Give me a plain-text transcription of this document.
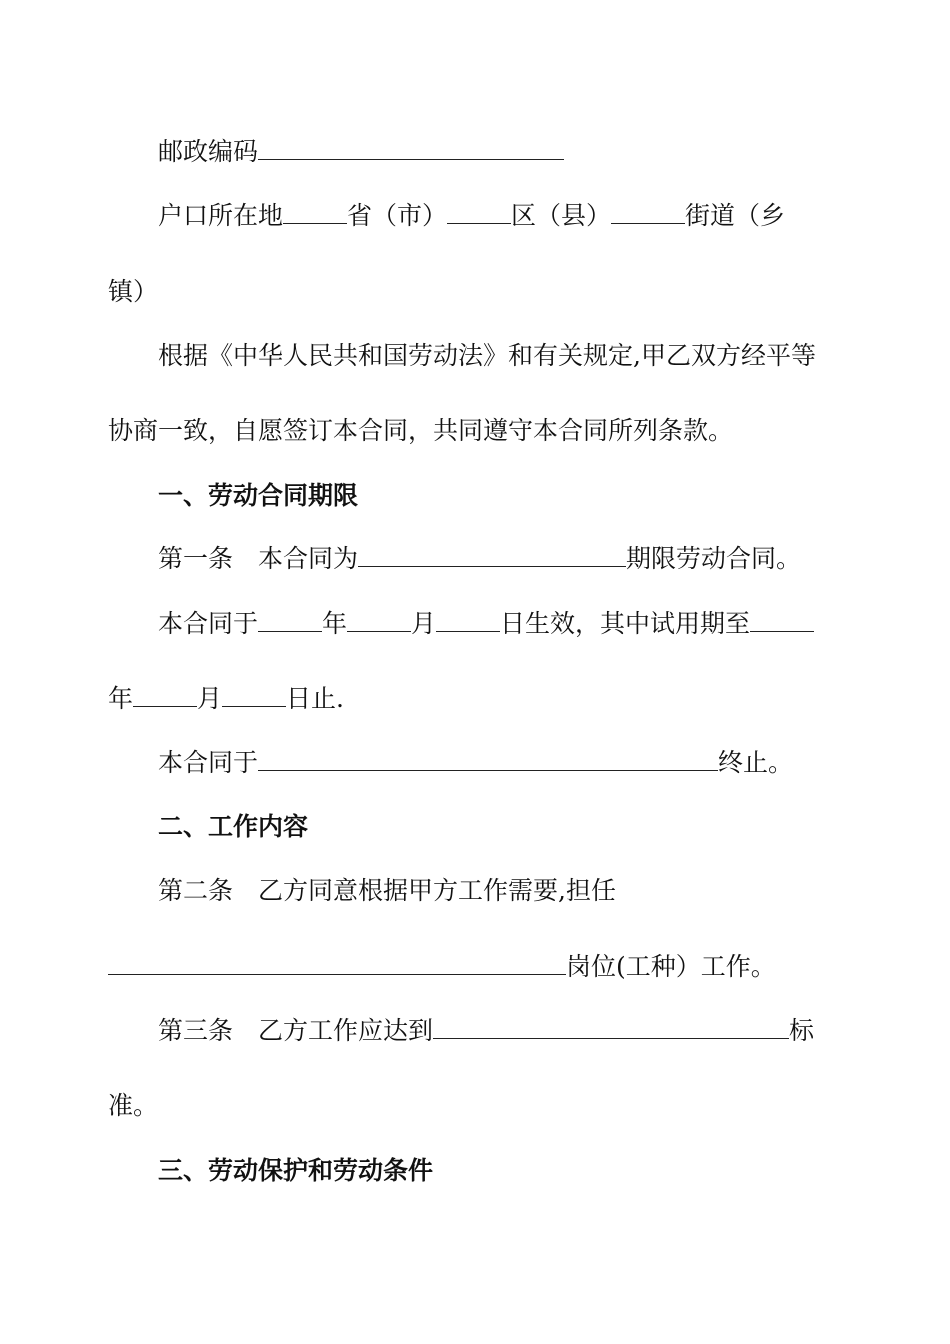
邮政编码
户口所在地	省（市）	区（县）	街道（乡
镇）
根据《中华人民共和国劳动法》和有关规定,甲乙双方经平等
协商一致，自愿签订本合同，共同遵守本合同所列条款。
一、劳动合同期限
第一条　本合同为	期限劳动合同。
本合同于	年	月	日生效，其中试用期至
年	月	日止.
本合同于	终止。
二、工作内容
第二条　乙方同意根据甲方工作需要,担任
岗位(工种）工作。
第三条　乙方工作应达到	标
准。
三、劳动保护和劳动条件
